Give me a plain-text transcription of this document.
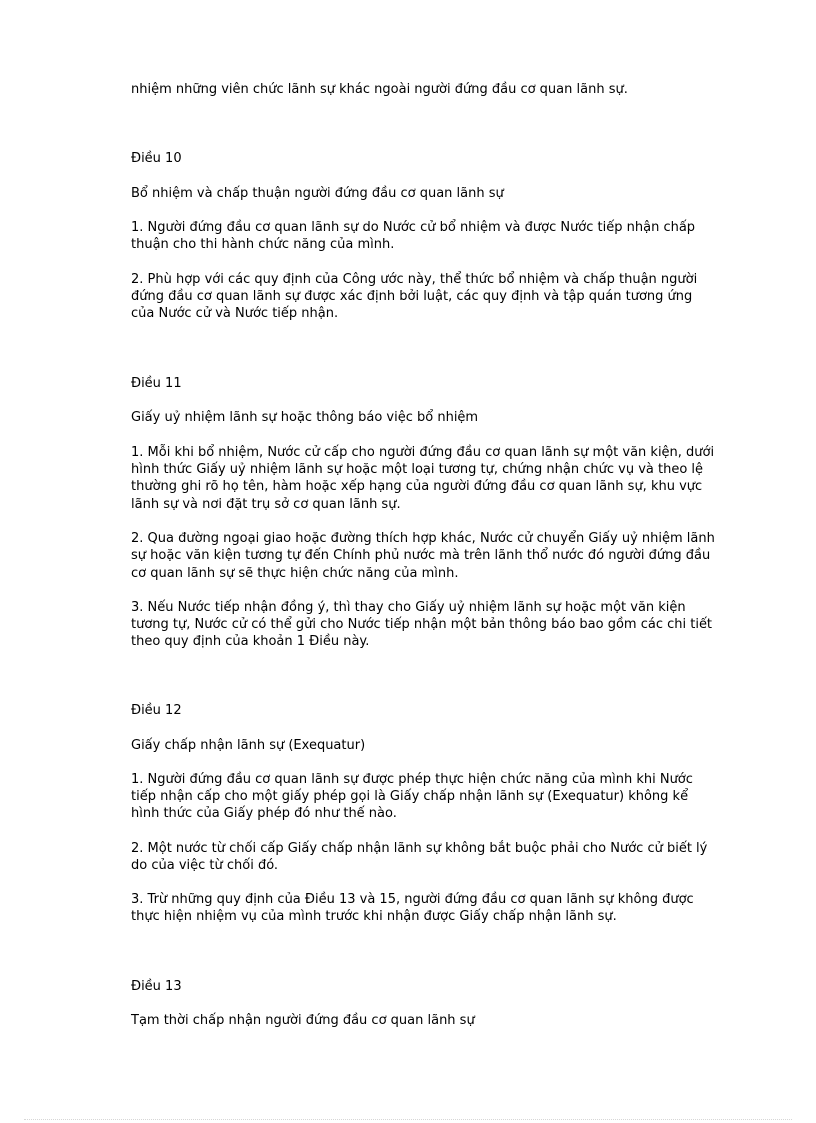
nhiệm những viên chức lãnh sự khác ngoài người đứng đầu cơ quan lãnh sự.
Điều 10
Bổ nhiệm và chấp thuận người đứng đầu cơ quan lãnh sự
1. Người đứng đầu cơ quan lãnh sự do Nước cử bổ nhiệm và được Nước tiếp nhận chấp
thuận cho thi hành chức năng của mình.
2. Phù hợp với các quy định của Công ước này, thể thức bổ nhiệm và chấp thuận người
đứng đầu cơ quan lãnh sự được xác định bởi luật, các quy định và tập quán tương ứng
của Nước cử và Nước tiếp nhận.
Điều 11
Giấy uỷ nhiệm lãnh sự hoặc thông báo việc bổ nhiệm
1. Mỗi khi bổ nhiệm, Nước cử cấp cho người đứng đầu cơ quan lãnh sự một văn kiện, dưới
hình thức Giấy uỷ nhiệm lãnh sự hoặc một loại tương tự, chứng nhận chức vụ và theo lệ
thường ghi rõ họ tên, hàm hoặc xếp hạng của người đứng đầu cơ quan lãnh sự, khu vực
lãnh sự và nơi đặt trụ sở cơ quan lãnh sự.
2. Qua đường ngoại giao hoặc đường thích hợp khác, Nước cử chuyển Giấy uỷ nhiệm lãnh
sự hoặc văn kiện tương tự đến Chính phủ nước mà trên lãnh thổ nước đó người đứng đầu
cơ quan lãnh sự sẽ thực hiện chức năng của mình.
3. Nếu Nước tiếp nhận đồng ý, thì thay cho Giấy uỷ nhiệm lãnh sự hoặc một văn kiện
tương tự, Nước cử có thể gửi cho Nước tiếp nhận một bản thông báo bao gồm các chi tiết
theo quy định của khoản 1 Điều này.
Điều 12
Giấy chấp nhận lãnh sự (Exequatur)
1. Người đứng đầu cơ quan lãnh sự được phép thực hiện chức năng của mình khi Nước
tiếp nhận cấp cho một giấy phép gọi là Giấy chấp nhận lãnh sự (Exequatur) không kể
hình thức của Giấy phép đó như thế nào.
2. Một nước từ chối cấp Giấy chấp nhận lãnh sự không bắt buộc phải cho Nước cử biết lý
do của việc từ chối đó.
3. Trừ những quy định của Điều 13 và 15, người đứng đầu cơ quan lãnh sự không được
thực hiện nhiệm vụ của mình trước khi nhận được Giấy chấp nhận lãnh sự.
Điều 13
Tạm thời chấp nhận người đứng đầu cơ quan lãnh sự
